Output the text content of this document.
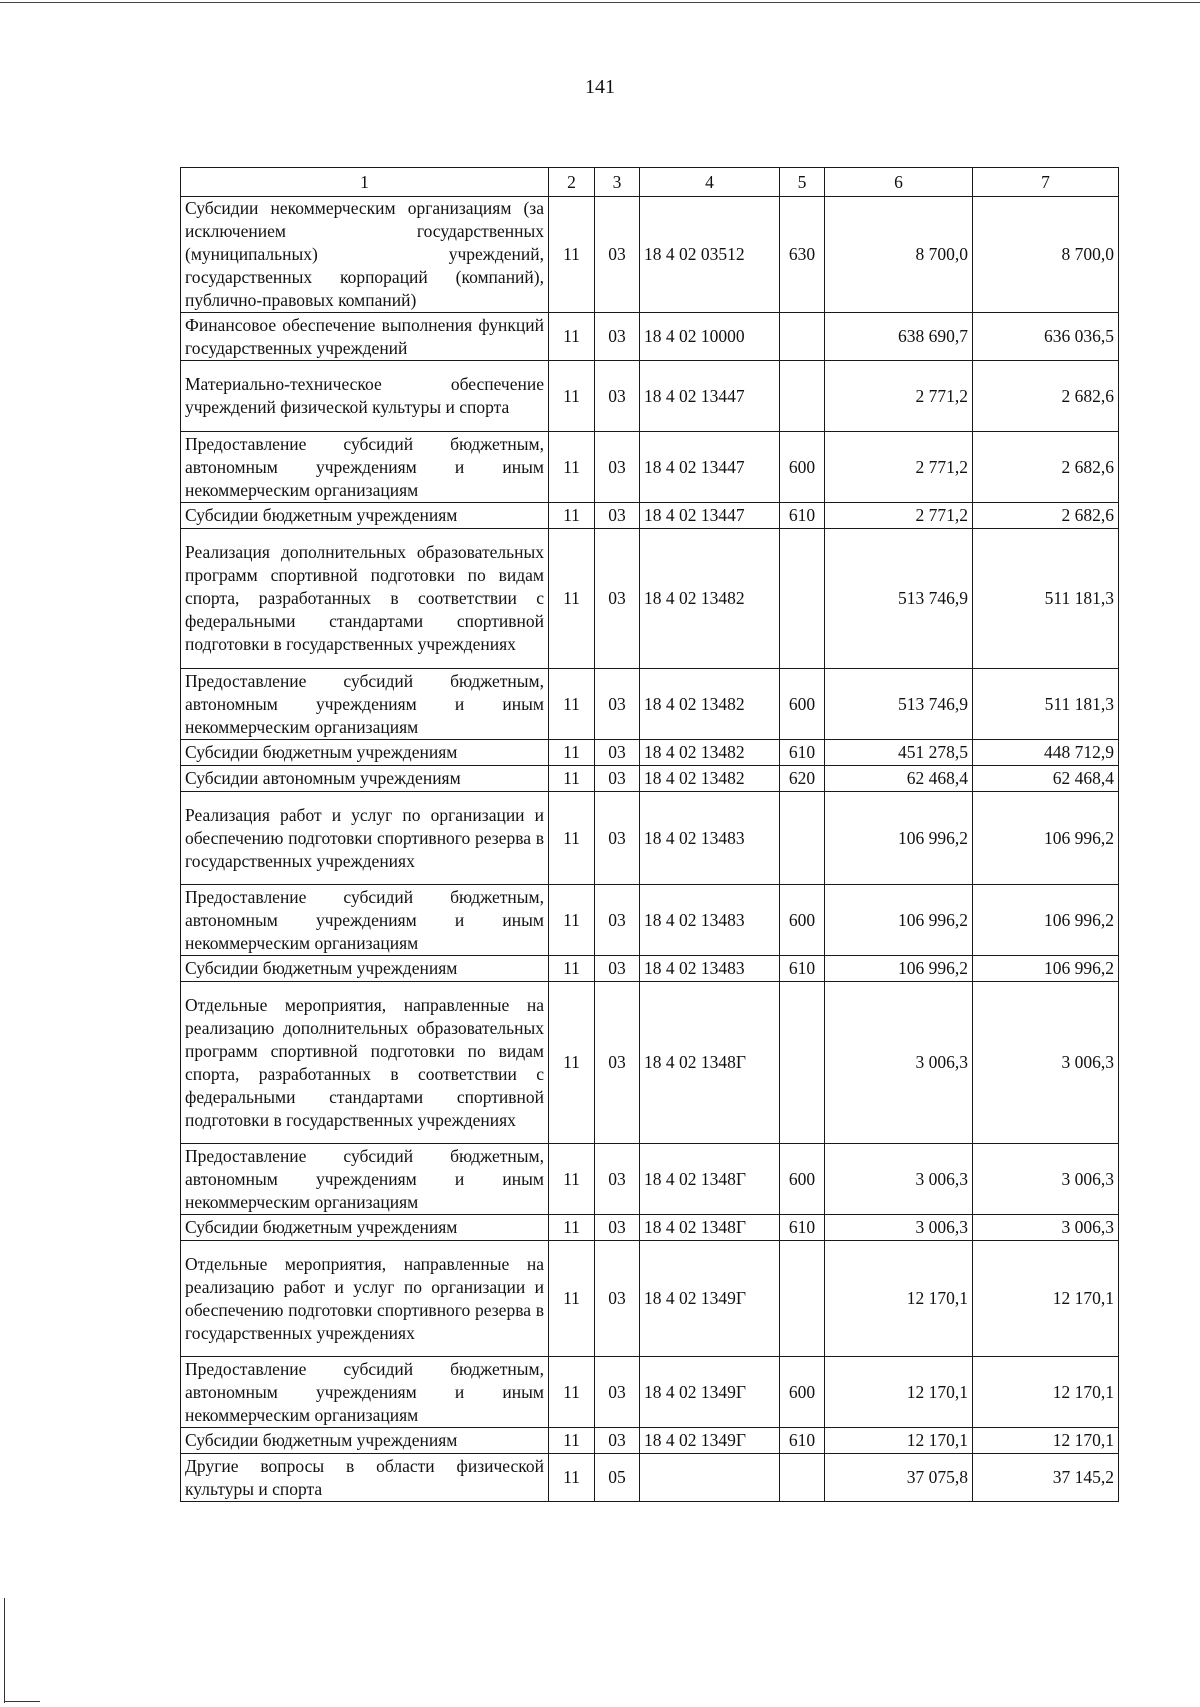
141
1	2	3	4	5	6	7
Субсидии некоммерческим организациям (за исключением государственных (муниципальных) учреждений, государственных корпораций (компаний), публично-правовых компаний)	11	03	18 4 02 03512	630	8 700,0	8 700,0
Финансовое обеспечение выполнения функций государственных учреждений	11	03	18 4 02 10000		638 690,7	636 036,5
Материально-техническое обеспечение учреждений физической культуры и спорта	11	03	18 4 02 13447		2 771,2	2 682,6
Предоставление субсидий бюджетным, автономным учреждениям и иным некоммерческим организациям	11	03	18 4 02 13447	600	2 771,2	2 682,6
Субсидии бюджетным учреждениям	11	03	18 4 02 13447	610	2 771,2	2 682,6
Реализация дополнительных образовательных программ спортивной подготовки по видам спорта, разработанных в соответствии с федеральными стандартами спортивной подготовки в государственных учреждениях	11	03	18 4 02 13482		513 746,9	511 181,3
Предоставление субсидий бюджетным, автономным учреждениям и иным некоммерческим организациям	11	03	18 4 02 13482	600	513 746,9	511 181,3
Субсидии бюджетным учреждениям	11	03	18 4 02 13482	610	451 278,5	448 712,9
Субсидии автономным учреждениям	11	03	18 4 02 13482	620	62 468,4	62 468,4
Реализация работ и услуг по организации и обеспечению подготовки спортивного резерва в государственных учреждениях	11	03	18 4 02 13483		106 996,2	106 996,2
Предоставление субсидий бюджетным, автономным учреждениям и иным некоммерческим организациям	11	03	18 4 02 13483	600	106 996,2	106 996,2
Субсидии бюджетным учреждениям	11	03	18 4 02 13483	610	106 996,2	106 996,2
Отдельные мероприятия, направленные на реализацию дополнительных образовательных программ спортивной подготовки по видам спорта, разработанных в соответствии с федеральными стандартами спортивной подготовки в государственных учреждениях	11	03	18 4 02 1348Г		3 006,3	3 006,3
Предоставление субсидий бюджетным, автономным учреждениям и иным некоммерческим организациям	11	03	18 4 02 1348Г	600	3 006,3	3 006,3
Субсидии бюджетным учреждениям	11	03	18 4 02 1348Г	610	3 006,3	3 006,3
Отдельные мероприятия, направленные на реализацию работ и услуг по организации и обеспечению подготовки спортивного резерва в государственных учреждениях	11	03	18 4 02 1349Г		12 170,1	12 170,1
Предоставление субсидий бюджетным, автономным учреждениям и иным некоммерческим организациям	11	03	18 4 02 1349Г	600	12 170,1	12 170,1
Субсидии бюджетным учреждениям	11	03	18 4 02 1349Г	610	12 170,1	12 170,1
Другие вопросы в области физической культуры и спорта	11	05			37 075,8	37 145,2
